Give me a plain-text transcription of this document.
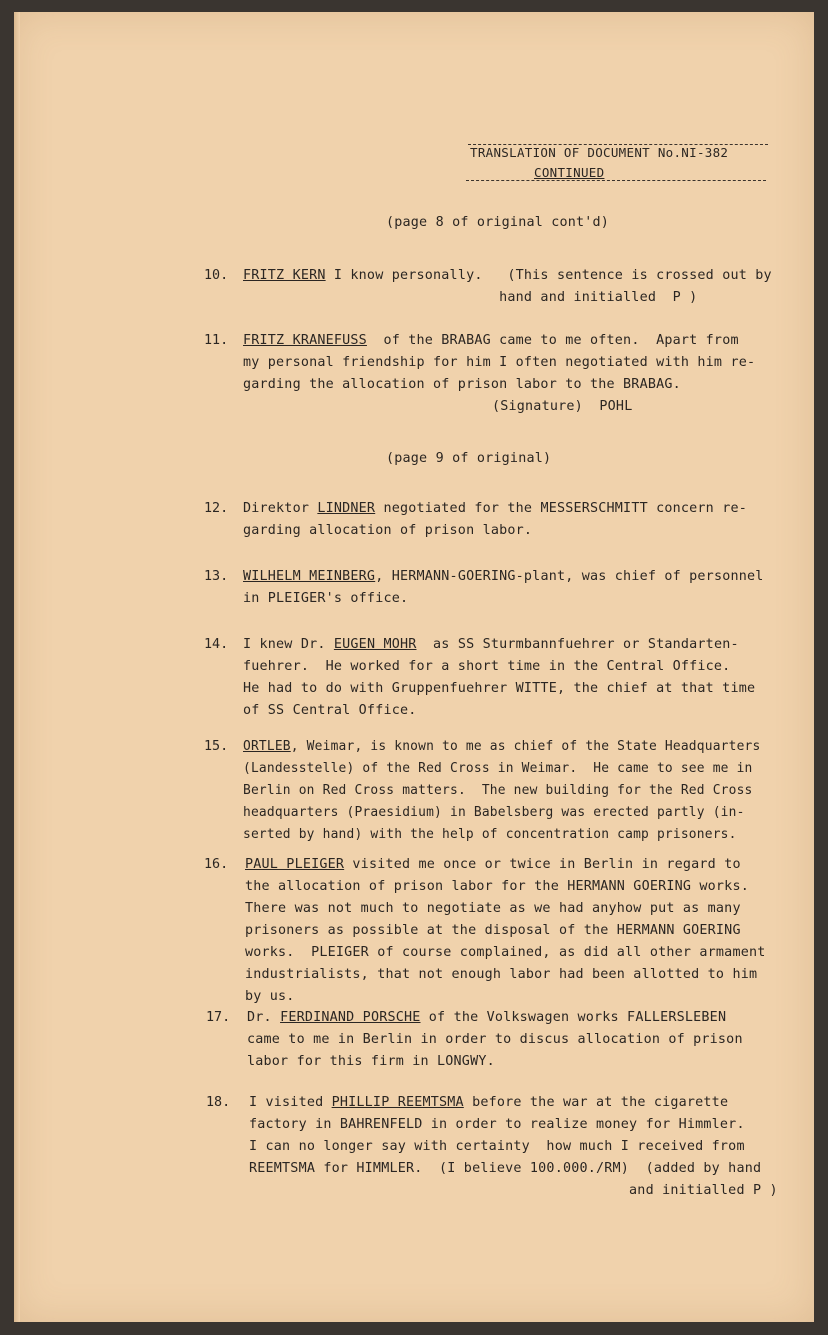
TRANSLATION OF DOCUMENT No.NI-382
CONTINUED
(page 8 of original cont'd)
10. FRITZ KERN I know personally.   (This sentence is crossed out by
hand and initialled  P )
11. FRITZ KRANEFUSS  of the BRABAG came to me often.  Apart from
my personal friendship for him I often negotiated with him re-
garding the allocation of prison labor to the BRABAG.
(Signature)  POHL
(page 9 of original)
12. Direktor LINDNER negotiated for the MESSERSCHMITT concern re-
garding allocation of prison labor.
13. WILHELM MEINBERG, HERMANN-GOERING-plant, was chief of personnel
in PLEIGER's office.
14. I knew Dr. EUGEN MOHR  as SS Sturmbannfuehrer or Standarten-
fuehrer.  He worked for a short time in the Central Office.
He had to do with Gruppenfuehrer WITTE, the chief at that time
of SS Central Office.
15. ORTLEB, Weimar, is known to me as chief of the State Headquarters
(Landesstelle) of the Red Cross in Weimar.  He came to see me in
Berlin on Red Cross matters.  The new building for the Red Cross
headquarters (Praesidium) in Babelsberg was erected partly (in-
serted by hand) with the help of concentration camp prisoners.
16. PAUL PLEIGER visited me once or twice in Berlin in regard to
the allocation of prison labor for the HERMANN GOERING works.
There was not much to negotiate as we had anyhow put as many
prisoners as possible at the disposal of the HERMANN GOERING
works.  PLEIGER of course complained, as did all other armament
industrialists, that not enough labor had been allotted to him
by us.
17. Dr. FERDINAND PORSCHE of the Volkswagen works FALLERSLEBEN
came to me in Berlin in order to discus allocation of prison
labor for this firm in LONGWY.
18. I visited PHILLIP REEMTSMA before the war at the cigarette
factory in BAHRENFELD in order to realize money for Himmler.
I can no longer say with certainty  how much I received from
REEMTSMA for HIMMLER.  (I believe 100.000./RM)  (added by hand
and initialled P )
